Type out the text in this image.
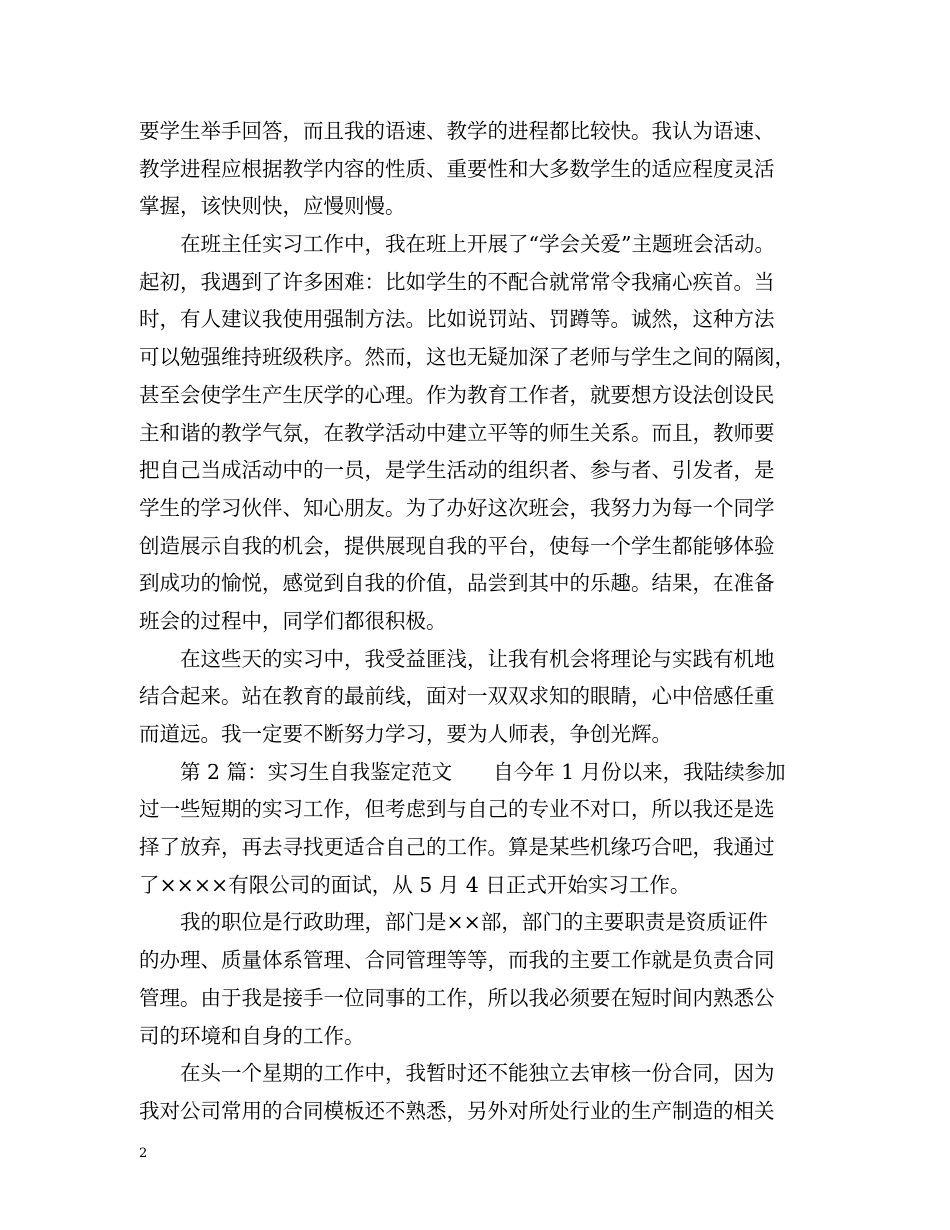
要学生举手回答，而且我的语速、教学的进程都比较快。我认为语速、
教学进程应根据教学内容的性质、重要性和大多数学生的适应程度灵活
掌握，该快则快，应慢则慢。
　　在班主任实习工作中，我在班上开展了“学会关爱”主题班会活动。
起初，我遇到了许多困难：比如学生的不配合就常常令我痛心疾首。当
时，有人建议我使用强制方法。比如说罚站、罚蹲等。诚然，这种方法
可以勉强维持班级秩序。然而，这也无疑加深了老师与学生之间的隔阂，
甚至会使学生产生厌学的心理。作为教育工作者，就要想方设法创设民
主和谐的教学气氛，在教学活动中建立平等的师生关系。而且，教师要
把自己当成活动中的一员，是学生活动的组织者、参与者、引发者，是
学生的学习伙伴、知心朋友。为了办好这次班会，我努力为每一个同学
创造展示自我的机会，提供展现自我的平台，使每一个学生都能够体验
到成功的愉悦，感觉到自我的价值，品尝到其中的乐趣。结果，在准备
班会的过程中，同学们都很积极。
　　在这些天的实习中，我受益匪浅，让我有机会将理论与实践有机地
结合起来。站在教育的最前线，面对一双双求知的眼睛，心中倍感任重
而道远。我一定要不断努力学习，要为人师表，争创光辉。
　　第 2 篇：实习生自我鉴定范文　　自今年 1 月份以来，我陆续参加
过一些短期的实习工作，但考虑到与自己的专业不对口，所以我还是选
择了放弃，再去寻找更适合自己的工作。算是某些机缘巧合吧，我通过
了××××有限公司的面试，从 5 月 4 日正式开始实习工作。
　　我的职位是行政助理，部门是××部，部门的主要职责是资质证件
的办理、质量体系管理、合同管理等等，而我的主要工作就是负责合同
管理。由于我是接手一位同事的工作，所以我必须要在短时间内熟悉公
司的环境和自身的工作。
　　在头一个星期的工作中，我暂时还不能独立去审核一份合同，因为
我对公司常用的合同模板还不熟悉，另外对所处行业的生产制造的相关
2
